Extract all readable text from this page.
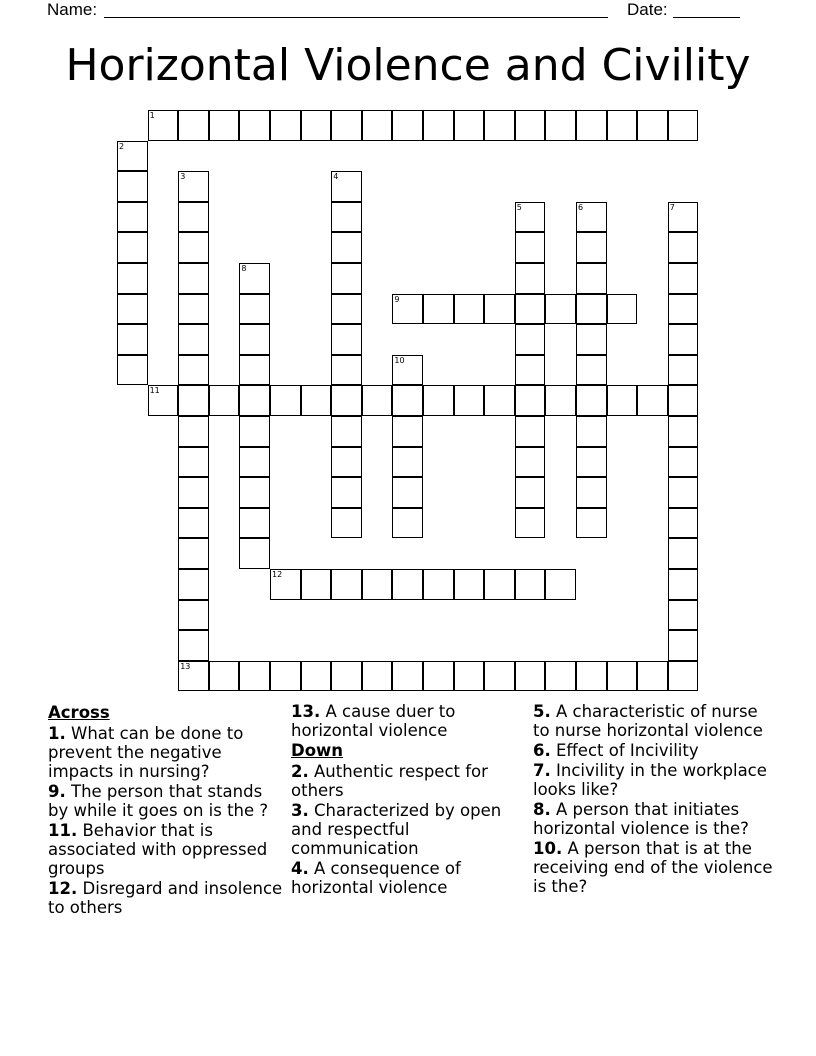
Name:	Date:
Horizontal Violence and Civility
1
2
3	4
5	6	7
8
9
10
11
12
13
Across
1. What can be done to prevent the negative impacts in nursing?
9. The person that stands by while it goes on is the ?
11. Behavior that is associated with oppressed groups
12. Disregard and insolence to others
13. A cause duer to horizontal violence
Down
2. Authentic respect for others
3. Characterized by open and respectful communication
4. A consequence of horizontal violence
5. A characteristic of nurse to nurse horizontal violence
6. Effect of Incivility
7. Incivility in the workplace looks like?
8. A person that initiates horizontal violence is the?
10. A person that is at the receiving end of the violence is the?
